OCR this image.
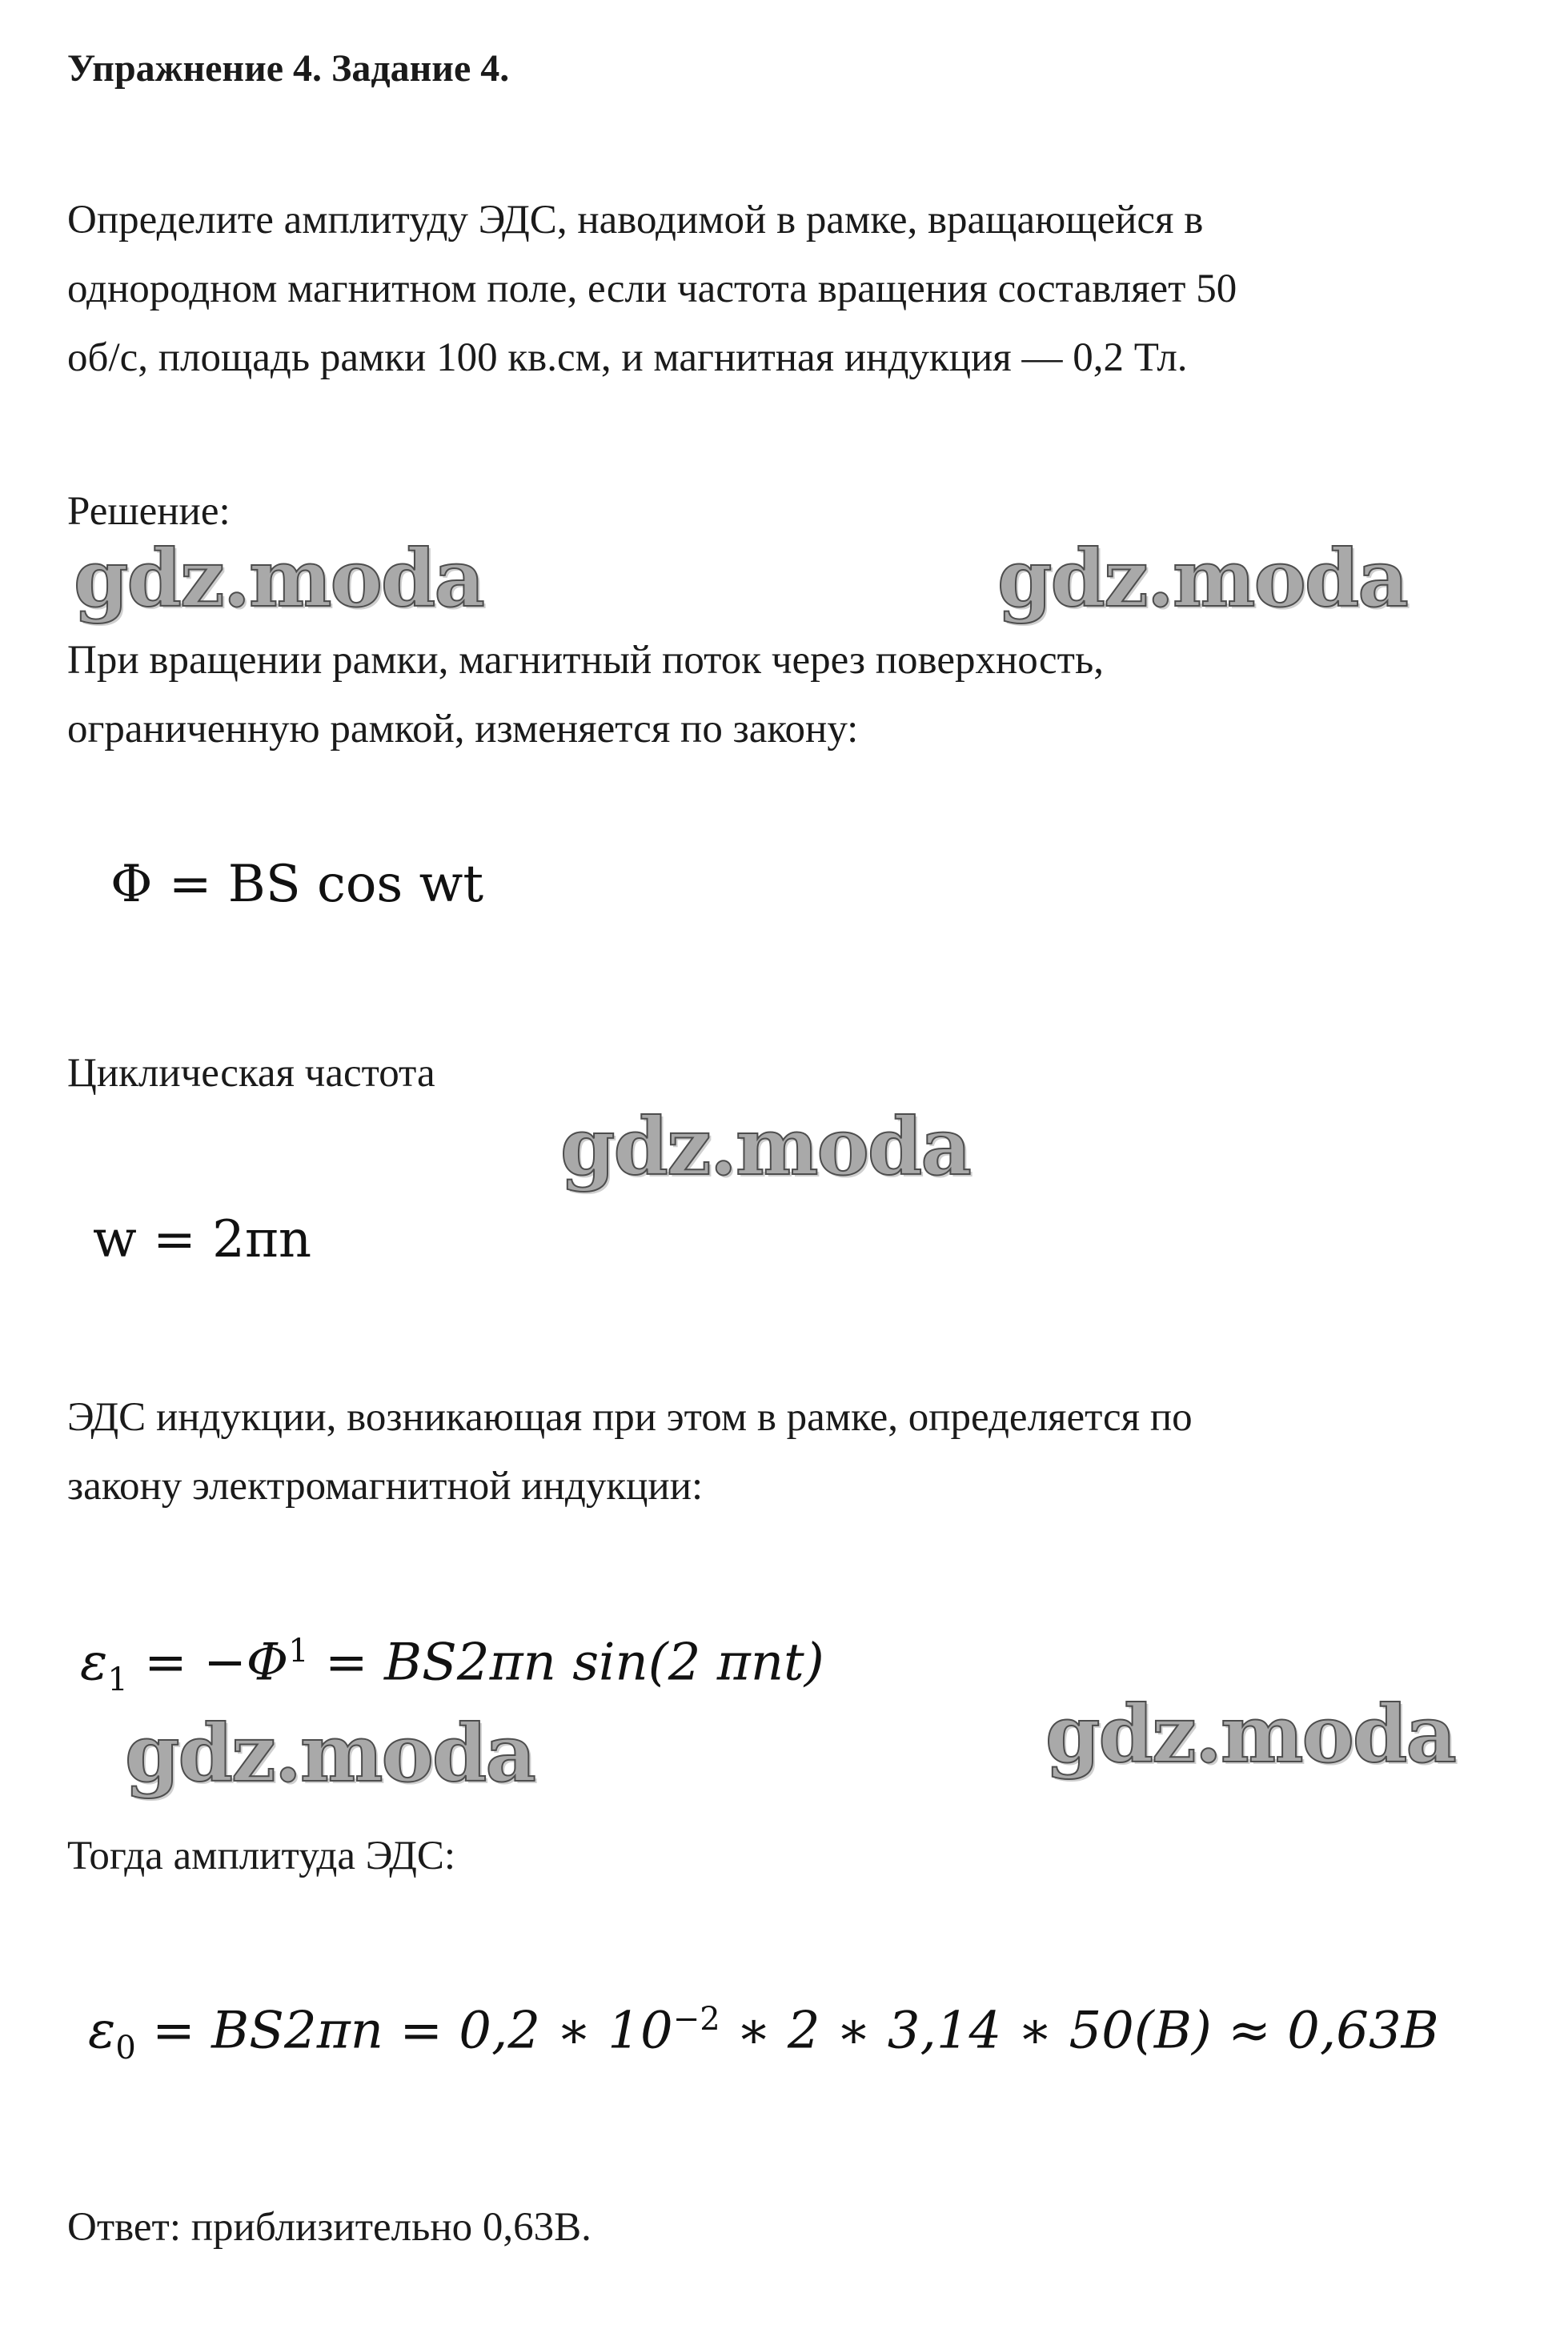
Упражнение 4. Задание 4.
Определите амплитуду ЭДС, наводимой в рамке, вращающейся в
однородном магнитном поле, если частота вращения составляет 50
об/с, площадь рамки 100 кв.см, и магнитная индукция — 0,2 Тл.
Решение:
gdz.moda	gdz.moda
При вращении рамки, магнитный поток через поверхность,
ограниченную рамкой, изменяется по закону:
Φ = BS cos wt
Циклическая частота
gdz.moda
w = 2πn
ЭДС индукции, возникающая при этом в рамке, определяется по
закону электромагнитной индукции:
$\varepsilon_1 = -\Phi^1 = BS2\pi n$ sin(2 πnt)
gdz.moda	gdz.moda
Тогда амплитуда ЭДС:
$\varepsilon_0 = BS2\pi n = 0,2$ ∗ $10^{-2}$ ∗ 2 ∗ 3,14 ∗ 50(B) ≈ 0,63B
Ответ: приблизительно 0,63В.
